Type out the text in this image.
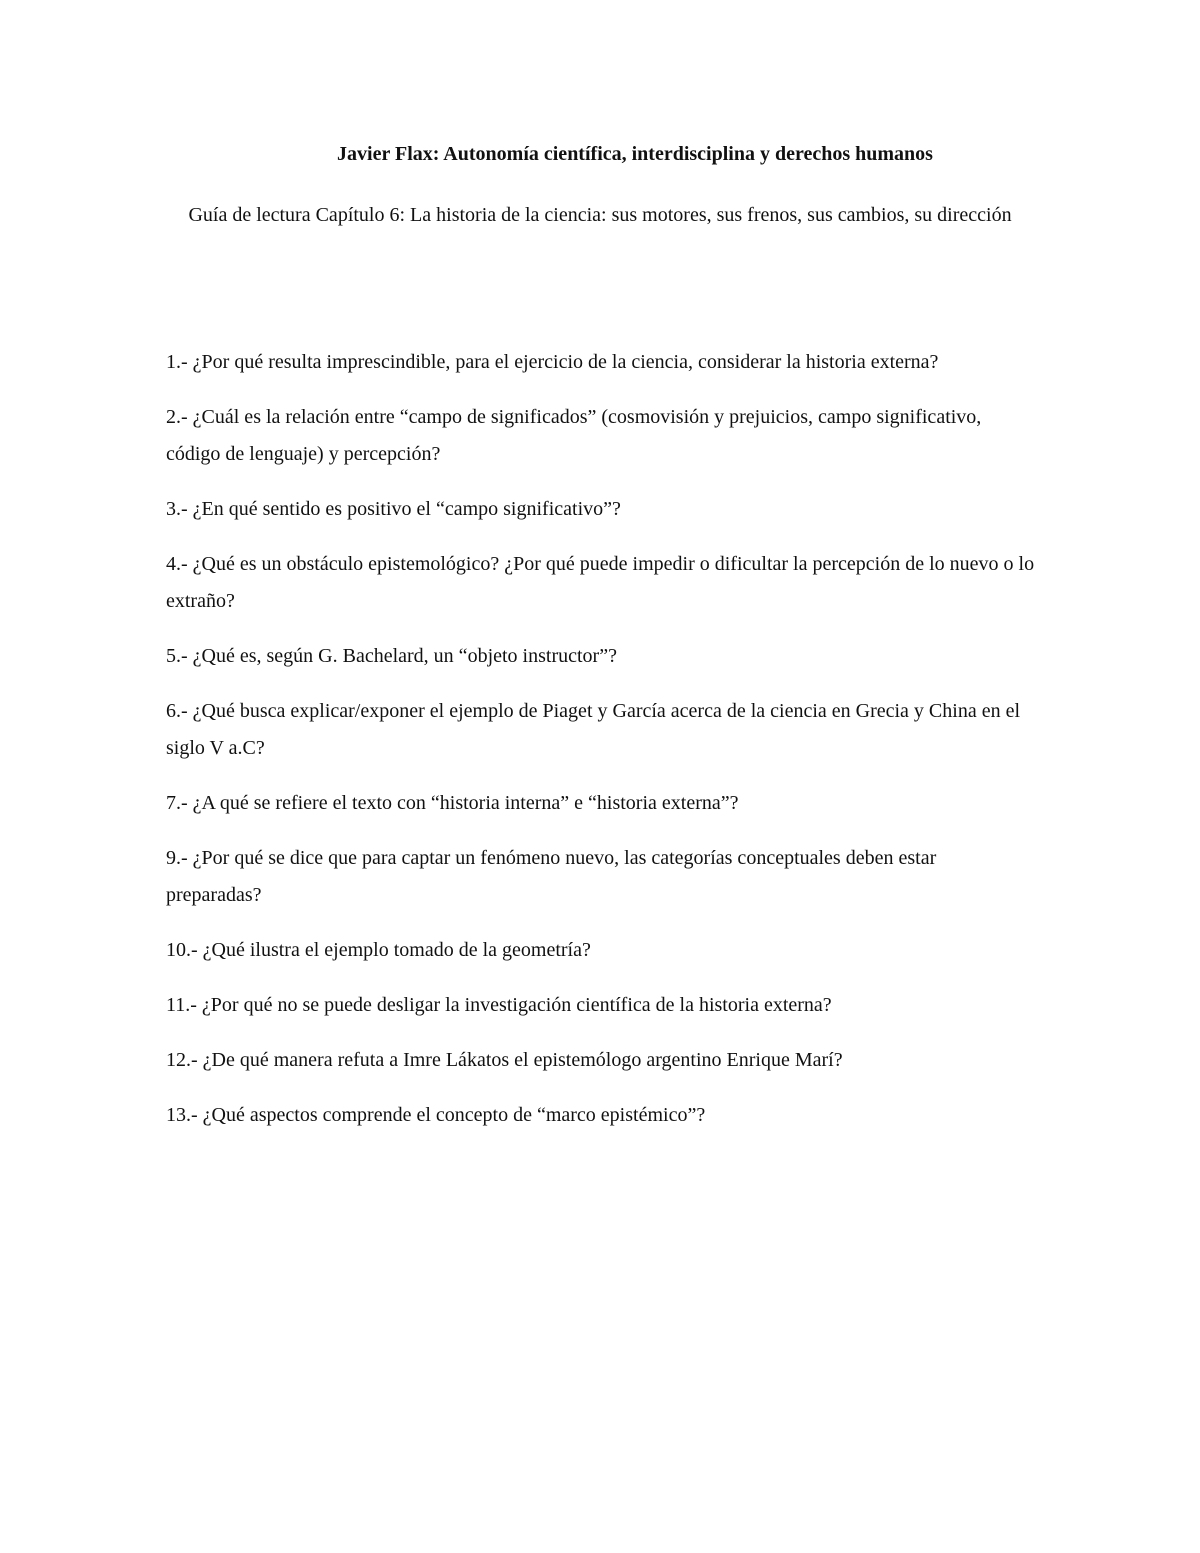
Javier Flax: Autonomía científica, interdisciplina y derechos humanos

Guía de lectura Capítulo 6: La historia de la ciencia: sus motores, sus frenos, sus cambios, su dirección

1.- ¿Por qué resulta imprescindible, para el ejercicio de la ciencia, considerar la historia externa?
2.- ¿Cuál es la relación entre “campo de significados” (cosmovisión y prejuicios, campo significativo, código de lenguaje) y percepción?
3.- ¿En qué sentido es positivo el “campo significativo”?
4.- ¿Qué es un obstáculo epistemológico? ¿Por qué puede impedir o dificultar la percepción de lo nuevo o lo extraño?
5.- ¿Qué es, según G. Bachelard, un “objeto instructor”?
6.- ¿Qué busca explicar/exponer el ejemplo de Piaget y García acerca de la ciencia en Grecia y China en el siglo V a.C?
7.- ¿A qué se refiere el texto con “historia interna” e “historia externa”?
9.- ¿Por qué se dice que para captar un fenómeno nuevo, las categorías conceptuales deben estar preparadas?
10.- ¿Qué ilustra el ejemplo tomado de la geometría?
11.- ¿Por qué no se puede desligar la investigación científica de la historia externa?
12.- ¿De qué manera refuta a Imre Lákatos el epistemólogo argentino Enrique Marí?
13.- ¿Qué aspectos comprende el concepto de “marco epistémico”?
